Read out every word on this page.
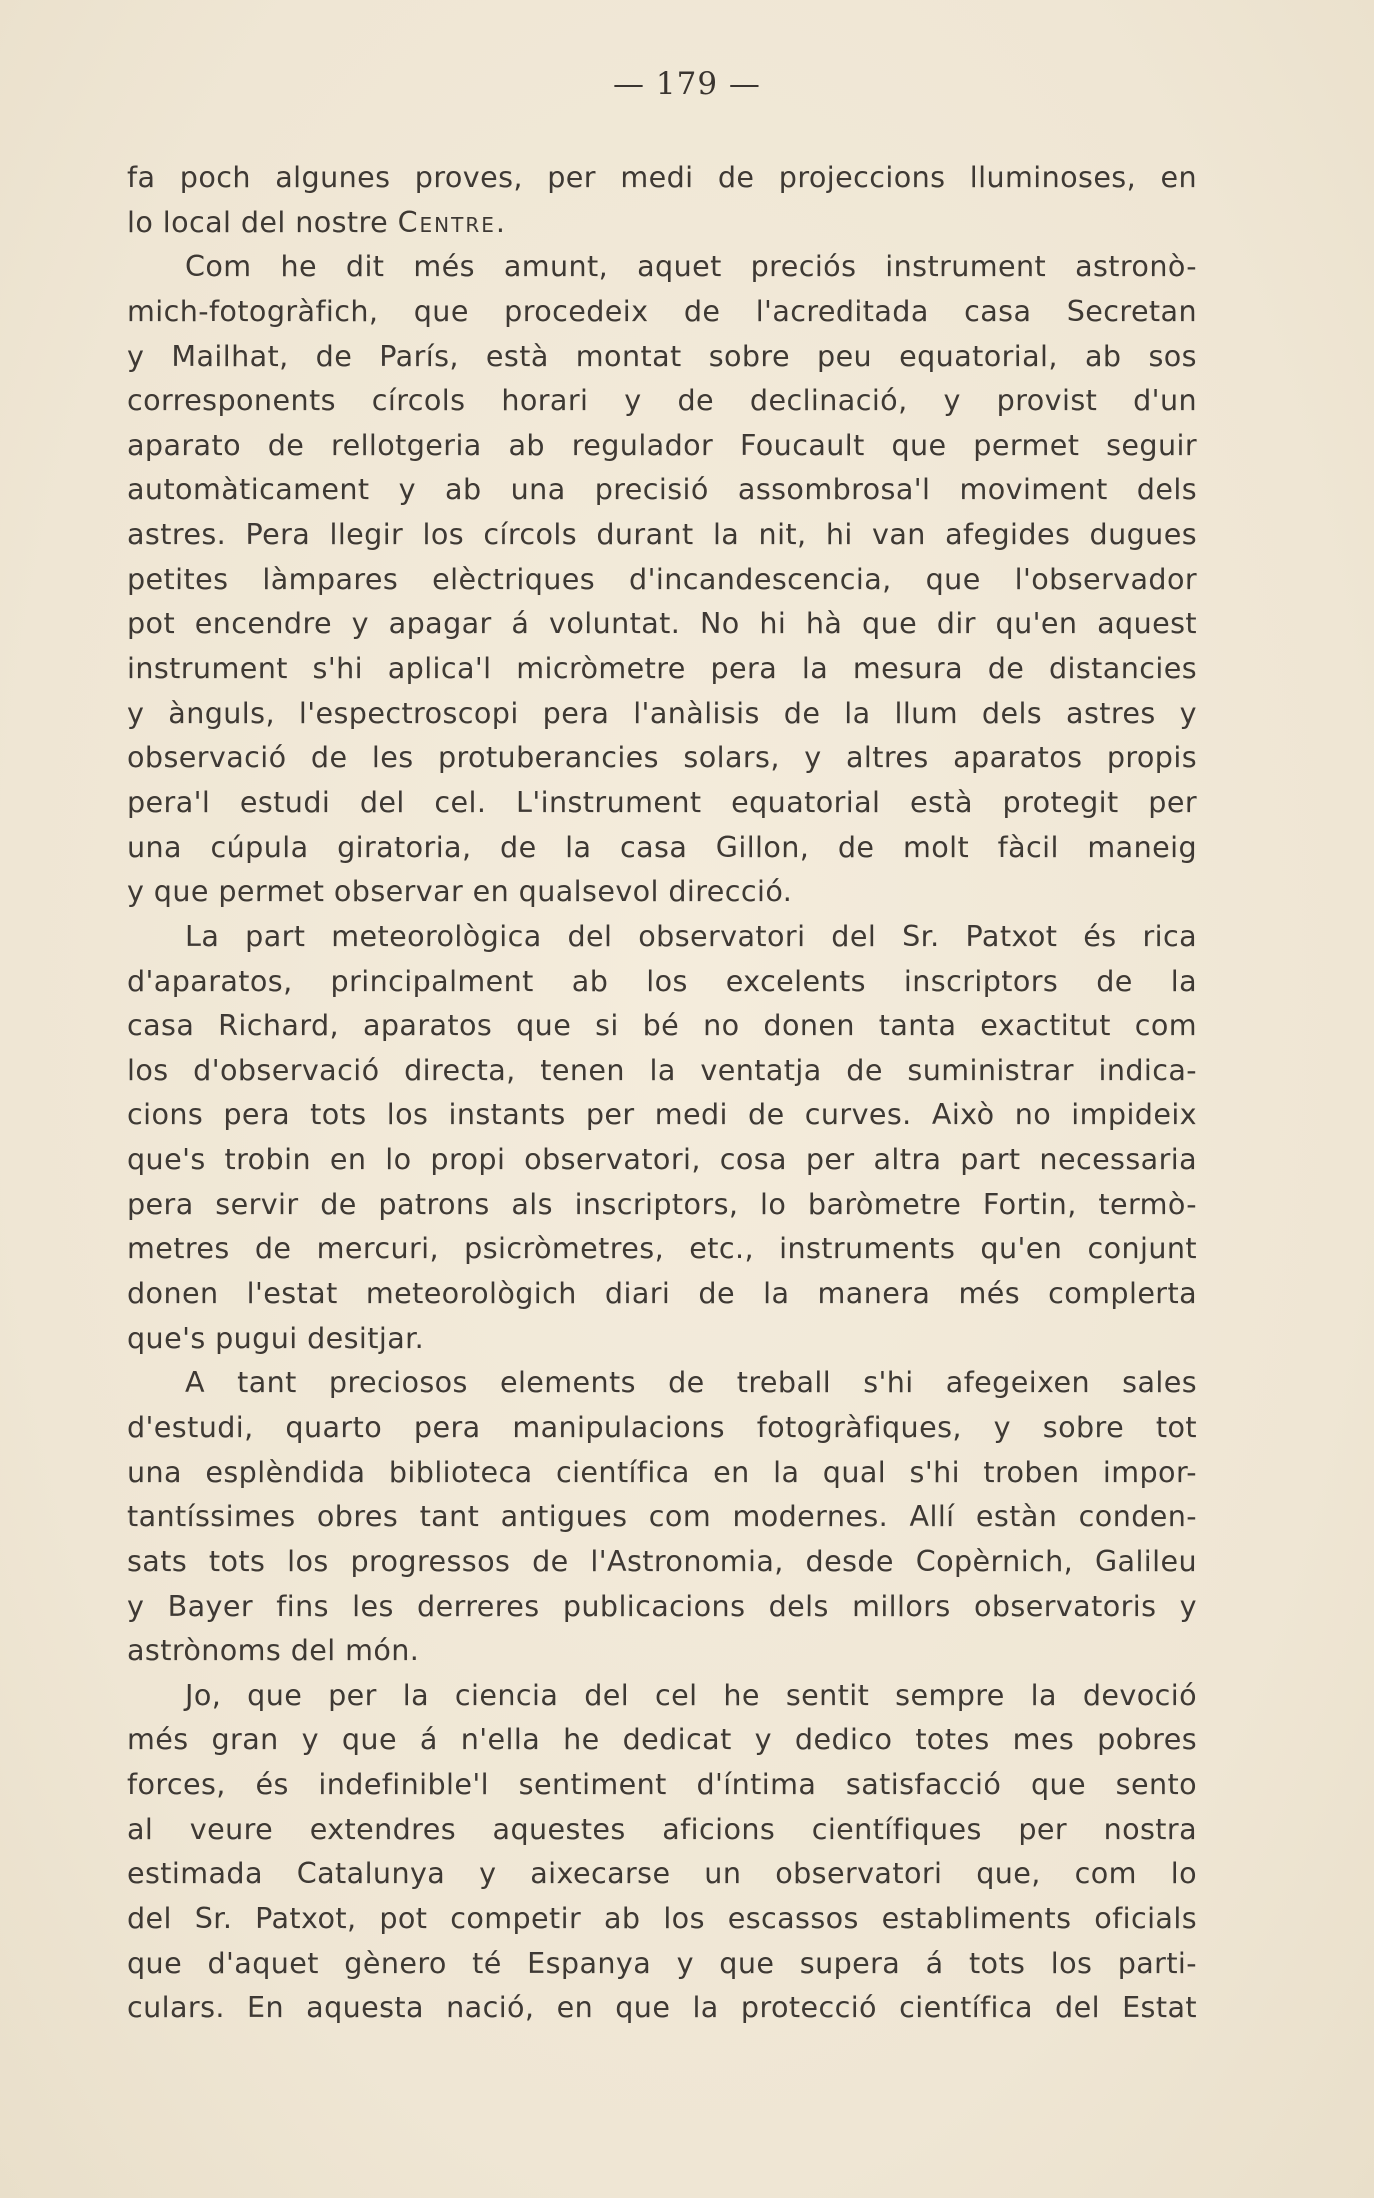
— 179 —
fa poch algunes proves, per medi de projeccions lluminoses, en
lo local del nostre Centre.
Com he dit més amunt, aquet preciós instrument astronò-
mich-fotogràfich, que procedeix de l'acreditada casa Secretan
y Mailhat, de París, està montat sobre peu equatorial, ab sos
corresponents círcols horari y de declinació, y provist d'un
aparato de rellotgeria ab regulador Foucault que permet seguir
automàticament y ab una precisió assombrosa'l moviment dels
astres. Pera llegir los círcols durant la nit, hi van afegides dugues
petites làmpares elèctriques d'incandescencia, que l'observador
pot encendre y apagar á voluntat. No hi hà que dir qu'en aquest
instrument s'hi aplica'l micròmetre pera la mesura de distancies
y ànguls, l'espectroscopi pera l'anàlisis de la llum dels astres y
observació de les protuberancies solars, y altres aparatos propis
pera'l estudi del cel. L'instrument equatorial està protegit per
una cúpula giratoria, de la casa Gillon, de molt fàcil maneig
y que permet observar en qualsevol direcció.
La part meteorològica del observatori del Sr. Patxot és rica
d'aparatos, principalment ab los excelents inscriptors de la
casa Richard, aparatos que si bé no donen tanta exactitut com
los d'observació directa, tenen la ventatja de suministrar indica-
cions pera tots los instants per medi de curves. Això no impideix
que's trobin en lo propi observatori, cosa per altra part necessaria
pera servir de patrons als inscriptors, lo baròmetre Fortin, termò-
metres de mercuri, psicròmetres, etc., instruments qu'en conjunt
donen l'estat meteorològich diari de la manera més complerta
que's pugui desitjar.
A tant preciosos elements de treball s'hi afegeixen sales
d'estudi, quarto pera manipulacions fotogràfiques, y sobre tot
una esplèndida biblioteca científica en la qual s'hi troben impor-
tantíssimes obres tant antigues com modernes. Allí estàn conden-
sats tots los progressos de l'Astronomia, desde Copèrnich, Galileu
y Bayer fins les derreres publicacions dels millors observatoris y
astrònoms del món.
Jo, que per la ciencia del cel he sentit sempre la devoció
més gran y que á n'ella he dedicat y dedico totes mes pobres
forces, és indefinible'l sentiment d'íntima satisfacció que sento
al veure extendres aquestes aficions científiques per nostra
estimada Catalunya y aixecarse un observatori que, com lo
del Sr. Patxot, pot competir ab los escassos establiments oficials
que d'aquet gènero té Espanya y que supera á tots los parti-
culars. En aquesta nació, en que la protecció científica del Estat
